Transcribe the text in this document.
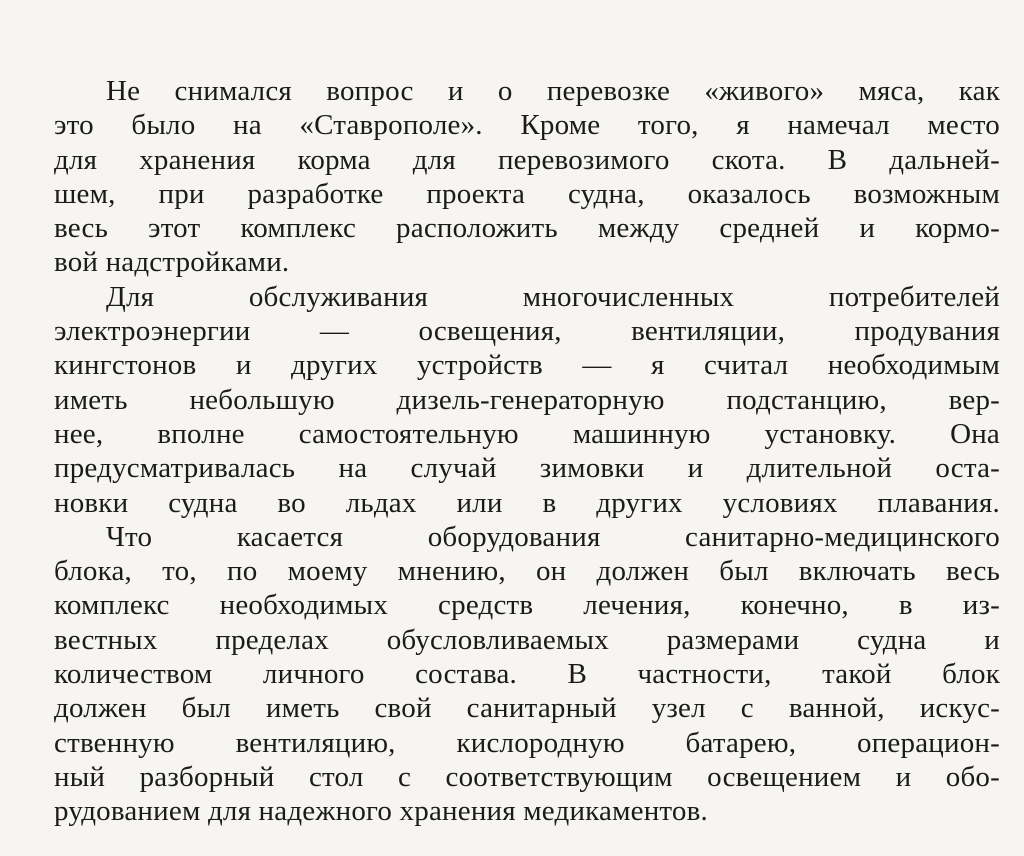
Не снимался вопрос и о перевозке «живого» мяса, как
это было на «Ставрополе». Кроме того, я намечал место
для хранения корма для перевозимого скота. В дальней-
шем, при разработке проекта судна, оказалось возможным
весь этот комплекс расположить между средней и кормо-
вой надстройками.
Для обслуживания многочисленных потребителей
электроэнергии — освещения, вентиляции, продувания
кингстонов и других устройств — я считал необходимым
иметь небольшую дизель-генераторную подстанцию, вер-
нее, вполне самостоятельную машинную установку. Она
предусматривалась на случай зимовки и длительной оста-
новки судна во льдах или в других условиях плавания.
Что касается оборудования санитарно-медицинского
блока, то, по моему мнению, он должен был включать весь
комплекс необходимых средств лечения, конечно, в из-
вестных пределах обусловливаемых размерами судна и
количеством личного состава. В частности, такой блок
должен был иметь свой санитарный узел с ванной, искус-
ственную вентиляцию, кислородную батарею, операцион-
ный разборный стол с соответствующим освещением и обо-
рудованием для надежного хранения медикаментов.
